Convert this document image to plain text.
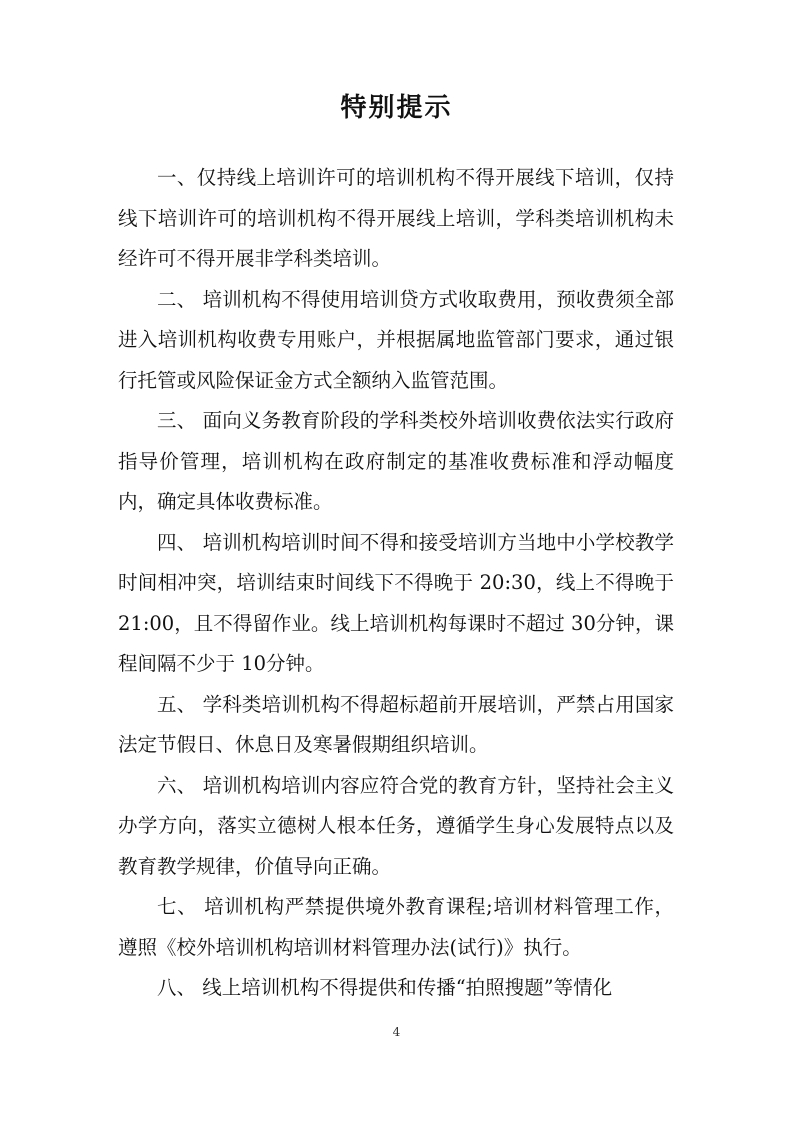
特别提示

一、仅持线上培训许可的培训机构不得开展线下培训，仅持线下培训许可的培训机构不得开展线上培训，学科类培训机构未经许可不得开展非学科类培训。

二、 培训机构不得使用培训贷方式收取费用，预收费须全部进入培训机构收费专用账户，并根据属地监管部门要求，通过银行托管或风险保证金方式全额纳入监管范围。

三、 面向义务教育阶段的学科类校外培训收费依法实行政府指导价管理，培训机构在政府制定的基准收费标准和浮动幅度内，确定具体收费标准。

四、 培训机构培训时间不得和接受培训方当地中小学校教学时间相冲突，培训结束时间线下不得晚于 20:30，线上不得晚于 21:00，且不得留作业。线上培训机构每课时不超过 30分钟，课程间隔不少于 10分钟。

五、 学科类培训机构不得超标超前开展培训，严禁占用国家法定节假日、休息日及寒暑假期组织培训。

六、 培训机构培训内容应符合党的教育方针，坚持社会主义办学方向，落实立德树人根本任务，遵循学生身心发展特点以及教育教学规律，价值导向正确。

七、 培训机构严禁提供境外教育课程;培训材料管理工作，遵照《校外培训机构培训材料管理办法(试行)》执行。

八、 线上培训机构不得提供和传播“拍照搜题”等情化

4
